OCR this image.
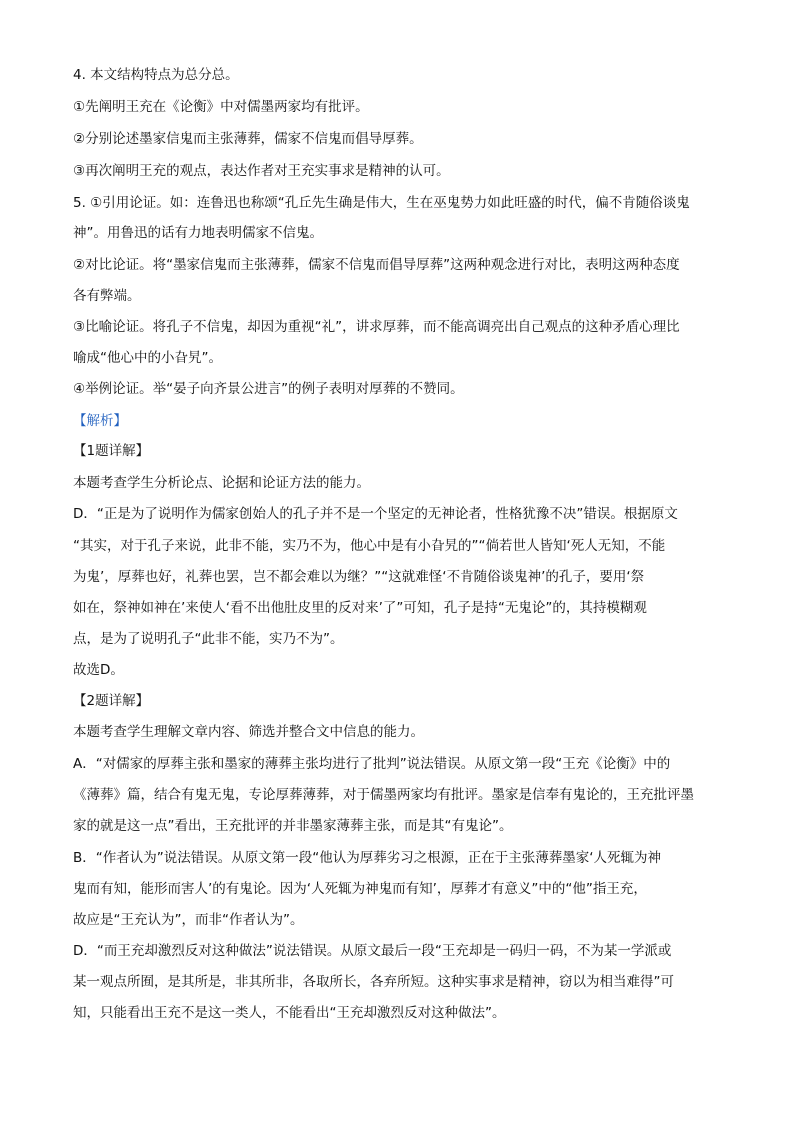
4. 本文结构特点为总分总。
①先阐明王充在《论衡》中对儒墨两家均有批评。
②分别论述墨家信鬼而主张薄葬，儒家不信鬼而倡导厚葬。
③再次阐明王充的观点，表达作者对王充实事求是精神的认可。
5. ①引用论证。如：连鲁迅也称颂“孔丘先生确是伟大，生在巫鬼势力如此旺盛的时代，偏不肯随俗谈鬼
神”。用鲁迅的话有力地表明儒家不信鬼。
②对比论证。将“墨家信鬼而主张薄葬，儒家不信鬼而倡导厚葬”这两种观念进行对比，表明这两种态度
各有弊端。
③比喻论证。将孔子不信鬼，却因为重视“礼”，讲求厚葬，而不能高调亮出自己观点的这种矛盾心理比
喻成“他心中的小旮旯”。
④举例论证。举“晏子向齐景公进言”的例子表明对厚葬的不赞同。
【解析】
【1题详解】
本题考查学生分析论点、论据和论证方法的能力。
D．“正是为了说明作为儒家创始人的孔子并不是一个坚定的无神论者，性格犹豫不决”错误。根据原文
“其实，对于孔子来说，此非不能，实乃不为，他心中是有小旮旯的”“倘若世人皆知‘死人无知，不能
为鬼’，厚葬也好，礼葬也罢，岂不都会难以为继？”“这就难怪‘不肯随俗谈鬼神’的孔子，要用‘祭
如在，祭神如神在’来使人‘看不出他肚皮里的反对来’了”可知，孔子是持“无鬼论”的，其持模糊观
点，是为了说明孔子“此非不能，实乃不为”。
故选D。
【2题详解】
本题考查学生理解文章内容、筛选并整合文中信息的能力。
A．“对儒家的厚葬主张和墨家的薄葬主张均进行了批判”说法错误。从原文第一段“王充《论衡》中的
《薄葬》篇，结合有鬼无鬼，专论厚葬薄葬，对于儒墨两家均有批评。墨家是信奉有鬼论的，王充批评墨
家的就是这一点”看出，王充批评的并非墨家薄葬主张，而是其“有鬼论”。
B．“作者认为”说法错误。从原文第一段“他认为厚葬劣习之根源，正在于主张薄葬墨家‘人死辄为神
鬼而有知，能形而害人’的有鬼论。因为‘人死辄为神鬼而有知’，厚葬才有意义”中的“他”指王充，
故应是“王充认为”，而非“作者认为”。
D．“而王充却激烈反对这种做法”说法错误。从原文最后一段“王充却是一码归一码，不为某一学派或
某一观点所囿，是其所是，非其所非，各取所长，各弃所短。这种实事求是精神，窃以为相当难得”可
知，只能看出王充不是这一类人，不能看出“王充却激烈反对这种做法”。
